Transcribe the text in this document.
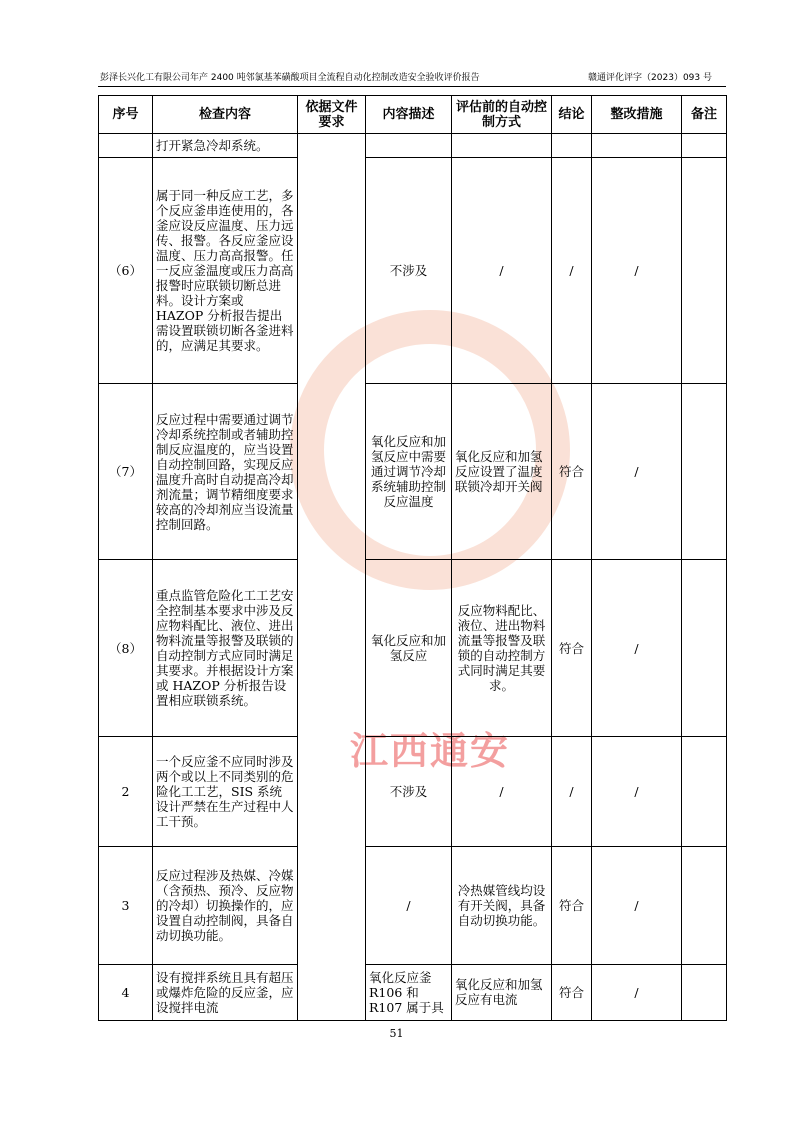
彭泽长兴化工有限公司年产 2400 吨邻氯基苯磺酸项目全流程自动化控制改造安全验收评价报告	赣通评化评字（2023）093 号
江西通安
序号	检查内容	依据文件要求	内容描述	评估前的自动控制方式	结论	整改措施	备注
	打开紧急冷却系统。						
（6）	属于同一种反应工艺，多个反应釜串连使用的，各釜应设反应温度、压力远传、报警。各反应釜应设温度、压力高高报警。任一反应釜温度或压力高高报警时应联锁切断总进料。设计方案或 HAZOP 分析报告提出需设置联锁切断各釜进料的，应满足其要求。		不涉及	/	/	/	
（7）	反应过程中需要通过调节冷却系统控制或者辅助控制反应温度的，应当设置自动控制回路，实现反应温度升高时自动提高冷却剂流量；调节精细度要求较高的冷却剂应当设流量控制回路。		氧化反应和加氢反应中需要通过调节冷却系统辅助控制反应温度	氧化反应和加氢反应设置了温度联锁冷却开关阀	符合	/	
（8）	重点监管危险化工工艺安全控制基本要求中涉及反应物料配比、液位、进出物料流量等报警及联锁的自动控制方式应同时满足其要求。并根据设计方案或 HAZOP 分析报告设置相应联锁系统。		氧化反应和加氢反应	反应物料配比、液位、进出物料流量等报警及联锁的自动控制方式同时满足其要求。	符合	/	
2	一个反应釜不应同时涉及两个或以上不同类别的危险化工工艺，SIS 系统设计严禁在生产过程中人工干预。		不涉及	/	/	/	
3	反应过程涉及热媒、冷媒（含预热、预冷、反应物的冷却）切换操作的，应设置自动控制阀，具备自动切换功能。		/	冷热媒管线均设有开关阀，具备自动切换功能。	符合	/	
4	设有搅拌系统且具有超压或爆炸危险的反应釜，应设搅拌电流		氧化反应釜 R106 和 R107 属于具	氧化反应和加氢反应有电流	符合	/	
51
